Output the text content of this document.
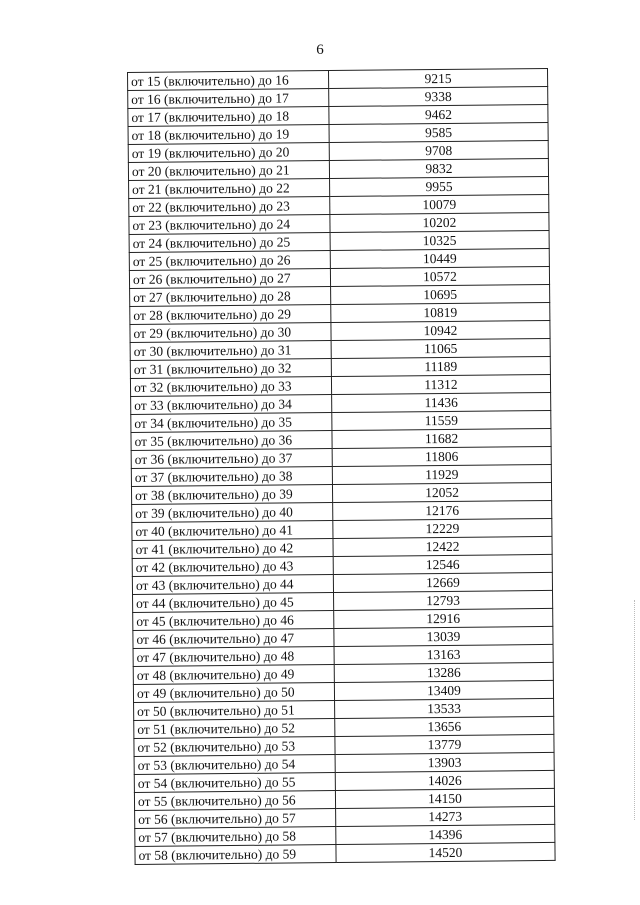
6
от 15 (включительно) до 16	9215
от 16 (включительно) до 17	9338
от 17 (включительно) до 18	9462
от 18 (включительно) до 19	9585
от 19 (включительно) до 20	9708
от 20 (включительно) до 21	9832
от 21 (включительно) до 22	9955
от 22 (включительно) до 23	10079
от 23 (включительно) до 24	10202
от 24 (включительно) до 25	10325
от 25 (включительно) до 26	10449
от 26 (включительно) до 27	10572
от 27 (включительно) до 28	10695
от 28 (включительно) до 29	10819
от 29 (включительно) до 30	10942
от 30 (включительно) до 31	11065
от 31 (включительно) до 32	11189
от 32 (включительно) до 33	11312
от 33 (включительно) до 34	11436
от 34 (включительно) до 35	11559
от 35 (включительно) до 36	11682
от 36 (включительно) до 37	11806
от 37 (включительно) до 38	11929
от 38 (включительно) до 39	12052
от 39 (включительно) до 40	12176
от 40 (включительно) до 41	12229
от 41 (включительно) до 42	12422
от 42 (включительно) до 43	12546
от 43 (включительно) до 44	12669
от 44 (включительно) до 45	12793
от 45 (включительно) до 46	12916
от 46 (включительно) до 47	13039
от 47 (включительно) до 48	13163
от 48 (включительно) до 49	13286
от 49 (включительно) до 50	13409
от 50 (включительно) до 51	13533
от 51 (включительно) до 52	13656
от 52 (включительно) до 53	13779
от 53 (включительно) до 54	13903
от 54 (включительно) до 55	14026
от 55 (включительно) до 56	14150
от 56 (включительно) до 57	14273
от 57 (включительно) до 58	14396
от 58 (включительно) до 59	14520
